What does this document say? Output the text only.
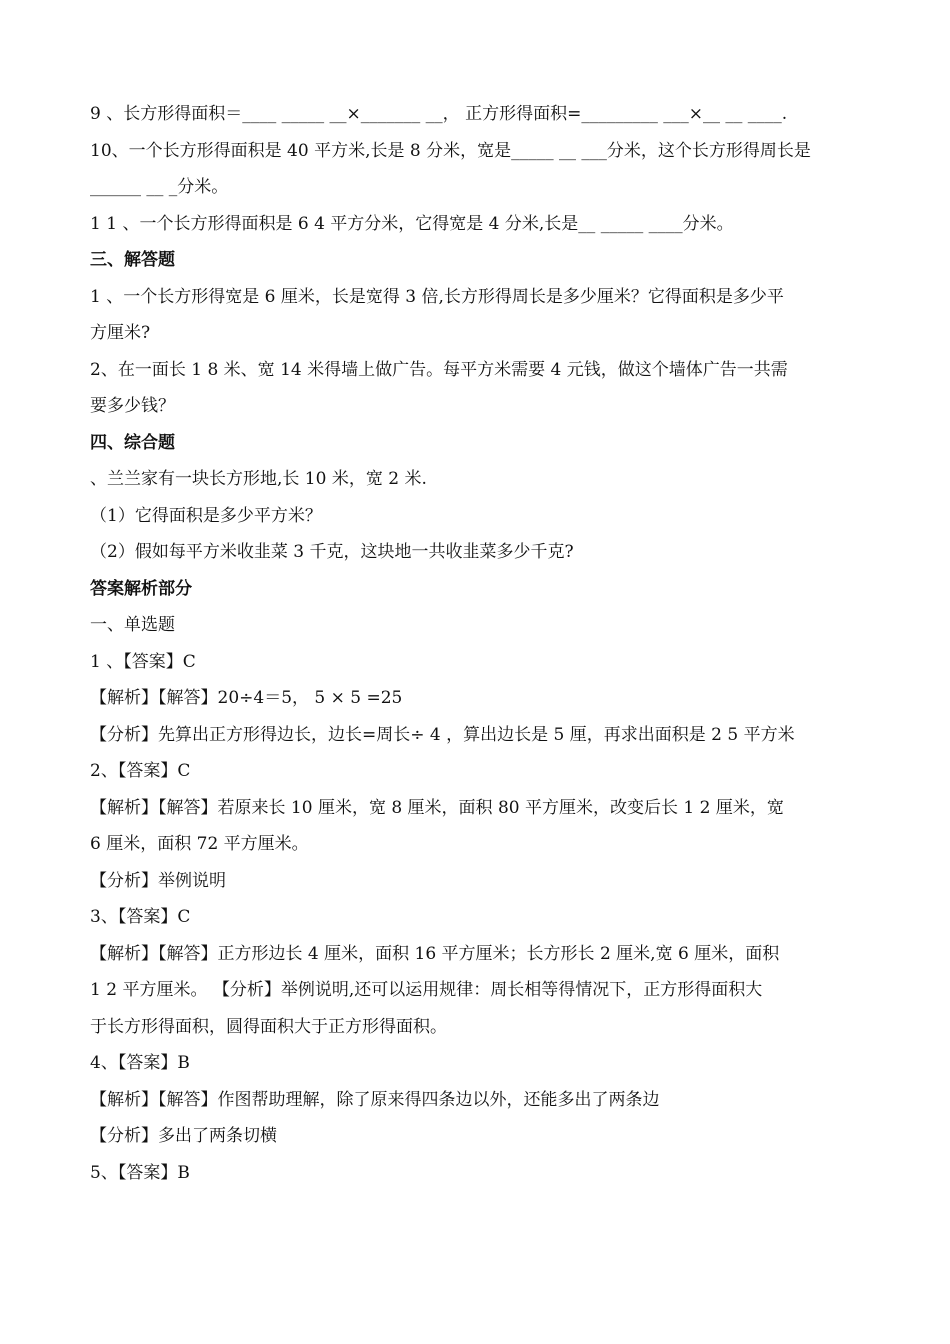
9 、长方形得面积＝____ _____ __×_______ __， 正方形得面积=_________ ___×__ __ ____.
10、一个长方形得面积是 40 平方米,长是 8 分米，宽是_____ __ ___分米，这个长方形得周长是
______ __ _分米。
1 1 、一个长方形得面积是 6 4 平方分米，它得宽是 4 分米,长是__ _____ ____分米。
三、解答题
1 、一个长方形得宽是 6 厘米，长是宽得 3 倍,长方形得周长是多少厘米？它得面积是多少平
方厘米?
2、在一面长 1 8 米、宽 14 米得墙上做广告。每平方米需要 4 元钱，做这个墙体广告一共需
要多少钱？
四、综合题
、兰兰家有一块长方形地,长 10 米，宽 2 米.
（1）它得面积是多少平方米？
（2）假如每平方米收韭菜 3 千克，这块地一共收韭菜多少千克?
答案解析部分
一、单选题
1 、【答案】C
【解析】【解答】20÷4＝5， 5 × 5 =25
【分析】先算出正方形得边长，边长=周长÷ 4 ，算出边长是 5 厘，再求出面积是 2 5 平方米
2、【答案】C
【解析】【解答】若原来长 10 厘米，宽 8 厘米，面积 80 平方厘米，改变后长 1 2 厘米，宽
6 厘米，面积 72 平方厘米。
【分析】举例说明
3、【答案】C
【解析】【解答】正方形边长 4 厘米，面积 16 平方厘米；长方形长 2 厘米,宽 6 厘米，面积
1 2 平方厘米。 【分析】举例说明,还可以运用规律：周长相等得情况下，正方形得面积大
于长方形得面积，圆得面积大于正方形得面积。
4、【答案】B
【解析】【解答】作图帮助理解，除了原来得四条边以外，还能多出了两条边
【分析】多出了两条切横
5、【答案】B
